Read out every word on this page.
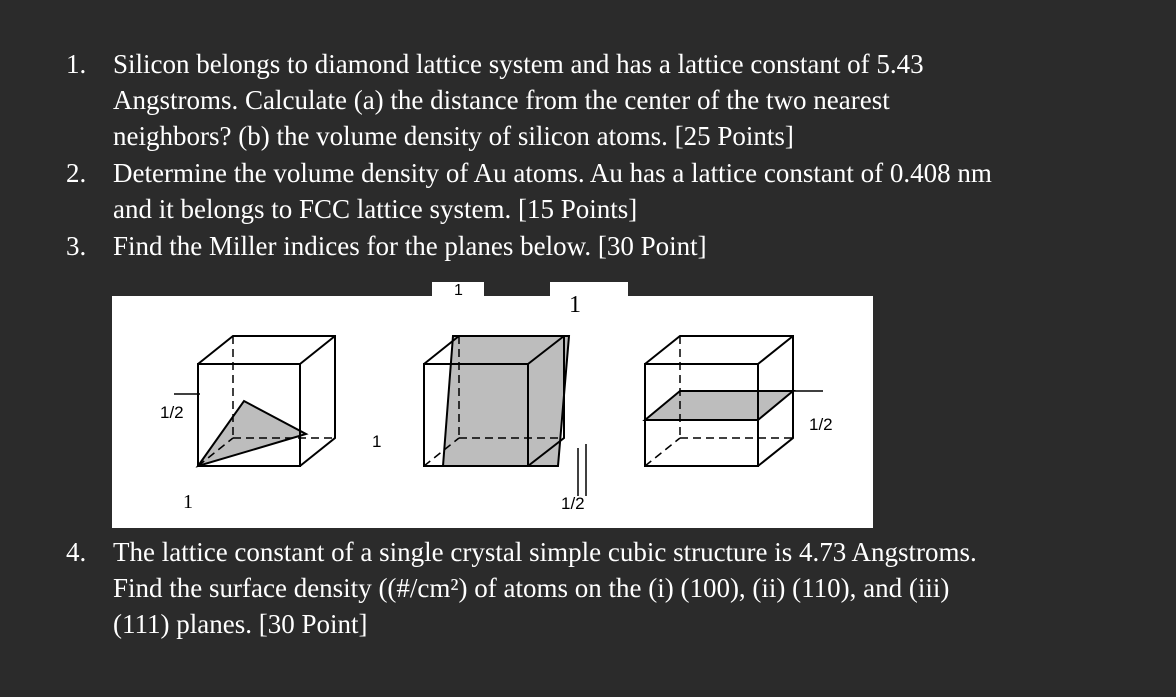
1. Silicon belongs to diamond lattice system and has a lattice constant of 5.43
Angstroms. Calculate (a) the distance from the center of the two nearest
neighbors? (b) the volume density of silicon atoms. [25 Points]
2. Determine the volume density of Au atoms. Au has a lattice constant of 0.408 nm
and it belongs to FCC lattice system. [15 Points]
3. Find the Miller indices for the planes below. [30 Point]
1/2
1
1	1/2
1/2
1
1
4. The lattice constant of a single crystal simple cubic structure is 4.73 Angstroms.
Find the surface density ((#/cm²) of atoms on the (i) (100), (ii) (110), and (iii)
(111) planes. [30 Point]
